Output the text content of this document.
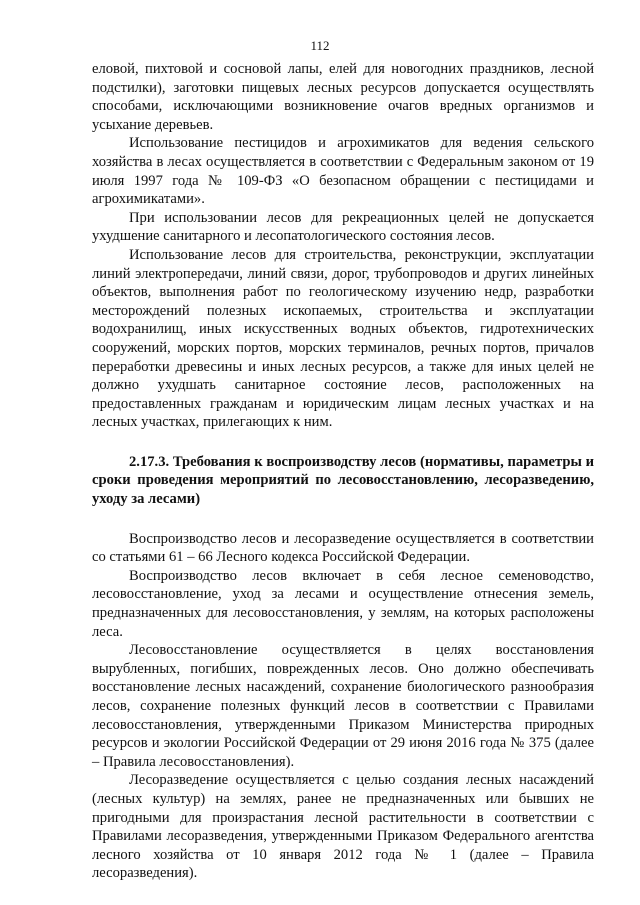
112

еловой, пихтовой и сосновой лапы, елей для новогодних праздников, лесной подстилки), заготовки пищевых лесных ресурсов допускается осуществлять способами, исключающими возникновение очагов вредных организмов и усыхание деревьев.

Использование пестицидов и агрохимикатов для ведения сельского хозяйства в лесах осуществляется в соответствии с Федеральным законом от 19 июля 1997 года № 109-ФЗ «О безопасном обращении с пестицидами и агрохимикатами».

При использовании лесов для рекреационных целей не допускается ухудшение санитарного и лесопатологического состояния лесов.

Использование лесов для строительства, реконструкции, эксплуатации линий электропередачи, линий связи, дорог, трубопроводов и других линейных объектов, выполнения работ по геологическому изучению недр, разработки месторождений полезных ископаемых, строительства и эксплуатации водохранилищ, иных искусственных водных объектов, гидротехнических сооружений, морских портов, морских терминалов, речных портов, причалов переработки древесины и иных лесных ресурсов, а также для иных целей не должно ухудшать санитарное состояние лесов, расположенных на предоставленных гражданам и юридическим лицам лесных участках и на лесных участках, прилегающих к ним.

2.17.3. Требования к воспроизводству лесов (нормативы, параметры и сроки проведения мероприятий по лесовосстановлению, лесоразведению, уходу за лесами)

Воспроизводство лесов и лесоразведение осуществляется в соответствии со статьями 61 – 66 Лесного кодекса Российской Федерации.

Воспроизводство лесов включает в себя лесное семеноводство, лесовосстановление, уход за лесами и осуществление отнесения земель, предназначенных для лесовосстановления, у землям, на которых расположены леса.

Лесовосстановление осуществляется в целях восстановления вырубленных, погибших, поврежденных лесов. Оно должно обеспечивать восстановление лесных насаждений, сохранение биологического разнообразия лесов, сохранение полезных функций лесов в соответствии с Правилами лесовосстановления, утвержденными Приказом Министерства природных ресурсов и экологии Российской Федерации от 29 июня 2016 года № 375 (далее – Правила лесовосстановления).

Лесоразведение осуществляется с целью создания лесных насаждений (лесных культур) на землях, ранее не предназначенных или бывших не пригодными для произрастания лесной растительности в соответствии с Правилами лесоразведения, утвержденными Приказом Федерального агентства лесного хозяйства от 10 января 2012 года № 1 (далее – Правила лесоразведения).
